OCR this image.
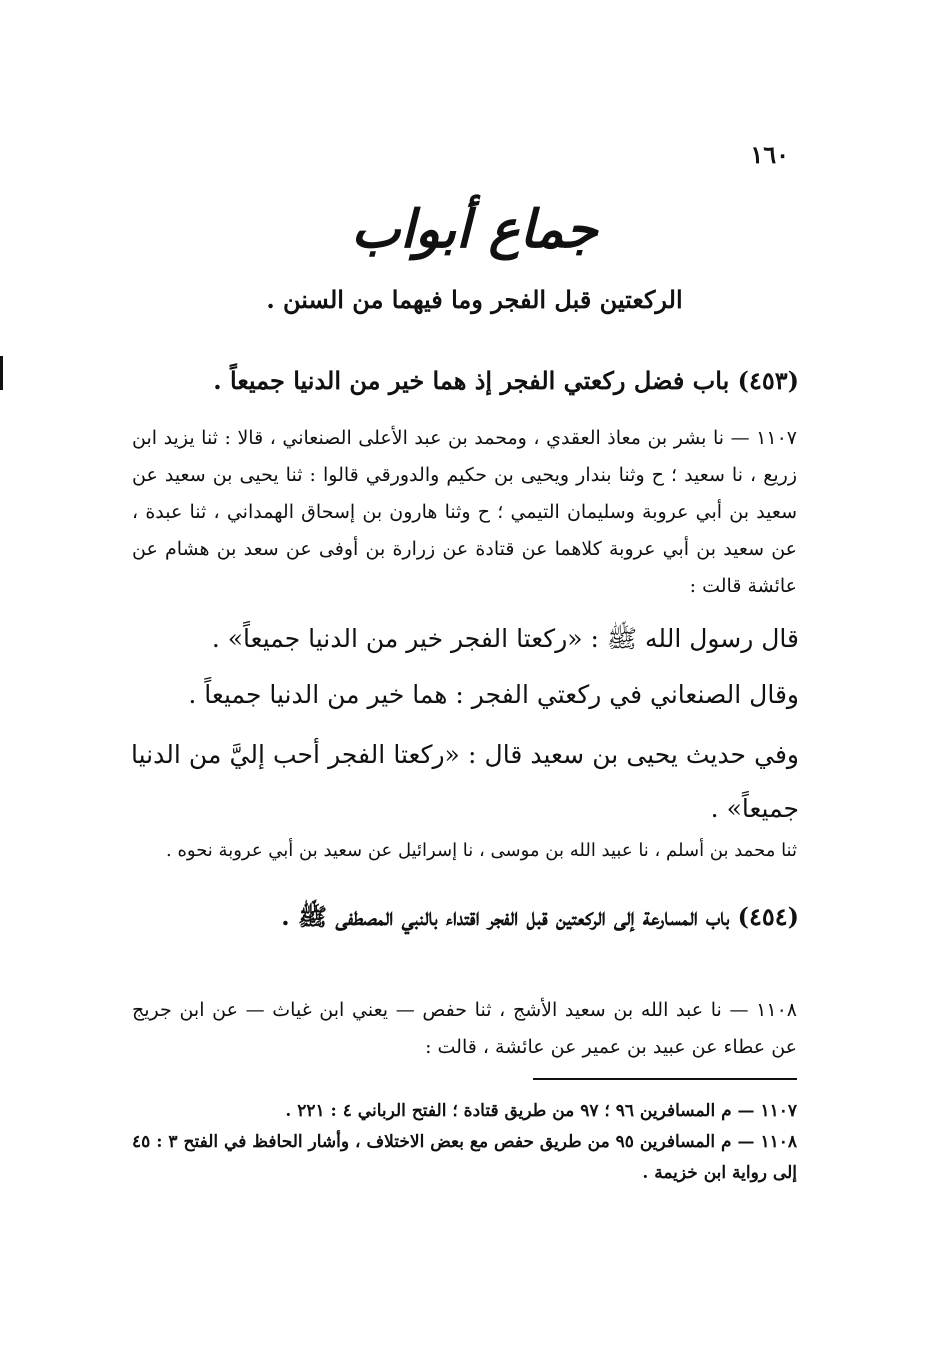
١٦٠
جماع أبواب
الركعتين قبل الفجر وما فيهما من السنن .
(٤٥٣) باب فضل ركعتي الفجر إذ هما خير من الدنيا جميعاً .
١١٠٧ — نا بشر بن معاذ العقدي ، ومحمد بن عبد الأعلى الصنعاني ، قالا : ثنا يزيد ابن زريع ، نا سعيد ؛ ح وثنا بندار ويحيى بن حكيم والدورقي قالوا : ثنا يحيى بن سعيد عن سعيد بن أبي عروبة وسليمان التيمي ؛ ح وثنا هارون بن إسحاق الهمداني ، ثنا عبدة ، عن سعيد بن أبي عروبة كلاهما عن قتادة عن زرارة بن أوفى عن سعد بن هشام عن عائشة قالت :
قال رسول الله ﷺ : «ركعتا الفجر خير من الدنيا جميعاً» .
وقال الصنعاني في ركعتي الفجر : هما خير من الدنيا جميعاً .
وفي حديث يحيى بن سعيد قال : «ركعتا الفجر أحب إليَّ من الدنيا جميعاً» .
ثنا محمد بن أسلم ، نا عبيد الله بن موسى ، نا إسرائيل عن سعيد بن أبي عروبة نحوه .
(٤٥٤) باب المسارعة إلى الركعتين قبل الفجر اقتداء بالنبي المصطفى ﷺ .
١١٠٨ — نا عبد الله بن سعيد الأشج ، ثنا حفص — يعني ابن غياث — عن ابن جريج عن عطاء عن عبيد بن عمير عن عائشة ، قالت :

١١٠٧ — م المسافرين ٩٦ ؛ ٩٧ من طريق قتادة ؛ الفتح الرباني ٤ : ٢٢١ .

١١٠٨ — م المسافرين ٩٥ من طريق حفص مع بعض الاختلاف ، وأشار الحافظ في الفتح ٣ : ٤٥ إلى رواية ابن خزيمة .
